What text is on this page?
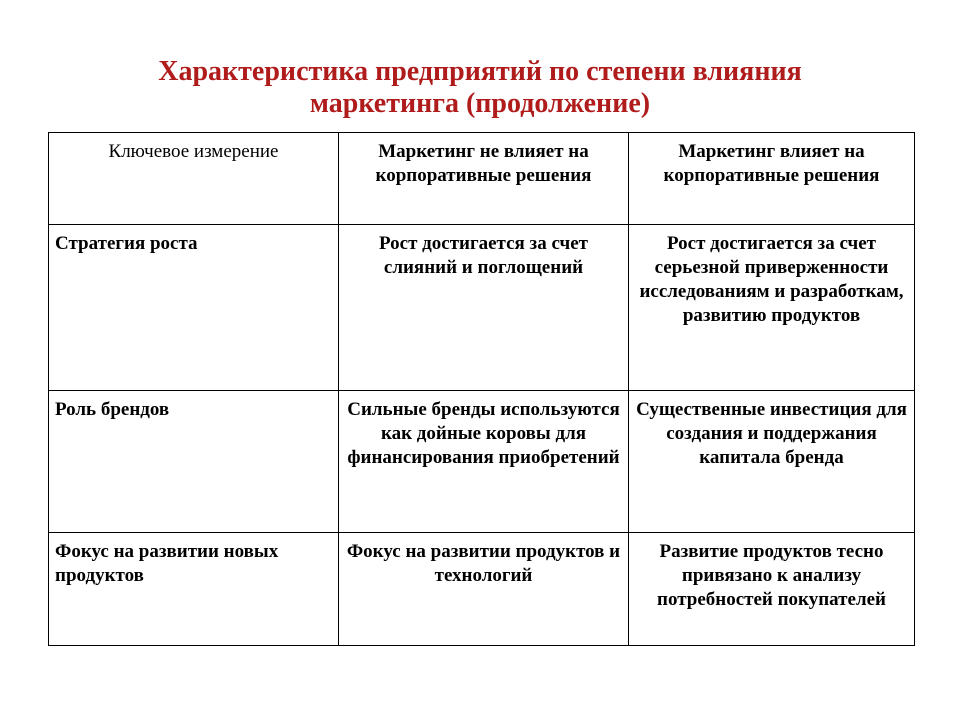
Характеристика предприятий по степени влияния
маркетинга (продолжение)
Ключевое измерение	Маркетинг не влияет на корпоративные решения	Маркетинг влияет на корпоративные решения
Стратегия роста	Рост достигается за счет слияний и поглощений	Рост достигается за счет серьезной приверженности исследованиям и разработкам, развитию продуктов
Роль брендов	Сильные бренды используются как дойные коровы для финансирования приобретений	Существенные инвестиция для создания и поддержания капитала бренда
Фокус на развитии новых продуктов	Фокус на развитии продуктов и технологий	Развитие продуктов тесно привязано к анализу потребностей покупателей
